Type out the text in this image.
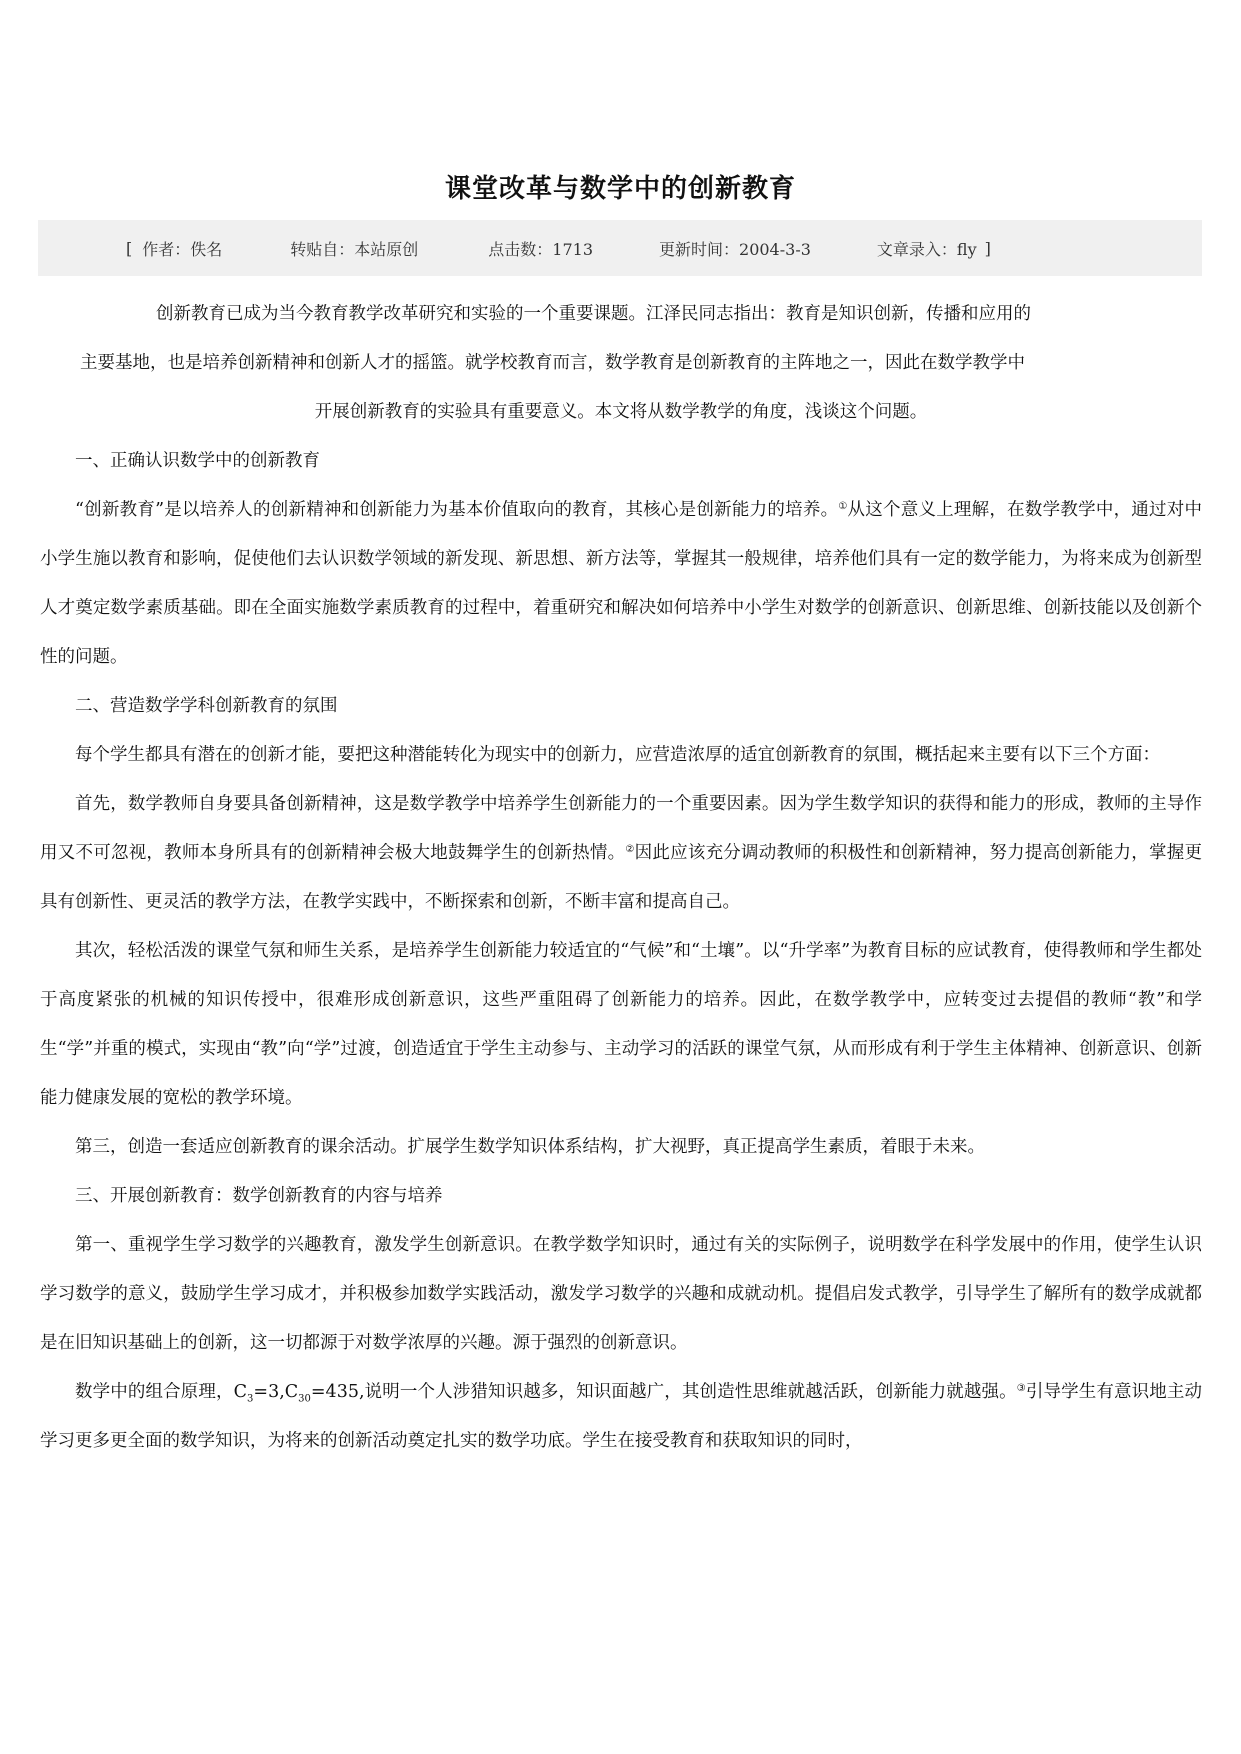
课堂改革与数学中的创新教育
[ 作者：佚名	转贴自：本站原创	点击数：1713	更新时间：2004-3-3	文章录入：fly ]

创新教育已成为当今教育教学改革研究和实验的一个重要课题。江泽民同志指出：教育是知识创新，传播和应用的

主要基地，也是培养创新精神和创新人才的摇篮。就学校教育而言，数学教育是创新教育的主阵地之一，因此在数学教学中

开展创新教育的实验具有重要意义。本文将从数学教学的角度，浅谈这个问题。

一、正确认识数学中的创新教育

“创新教育”是以培养人的创新精神和创新能力为基本价值取向的教育，其核心是创新能力的培养。①从这个意义上理解，在数学教学中，通过对中小学生施以教育和影响，促使他们去认识数学领域的新发现、新思想、新方法等，掌握其一般规律，培养他们具有一定的数学能力，为将来成为创新型人才奠定数学素质基础。即在全面实施数学素质教育的过程中，着重研究和解决如何培养中小学生对数学的创新意识、创新思维、创新技能以及创新个性的问题。

二、营造数学学科创新教育的氛围

每个学生都具有潜在的创新才能，要把这种潜能转化为现实中的创新力，应营造浓厚的适宜创新教育的氛围，概括起来主要有以下三个方面：

首先，数学教师自身要具备创新精神，这是数学教学中培养学生创新能力的一个重要因素。因为学生数学知识的获得和能力的形成，教师的主导作用又不可忽视，教师本身所具有的创新精神会极大地鼓舞学生的创新热情。②因此应该充分调动教师的积极性和创新精神，努力提高创新能力，掌握更具有创新性、更灵活的教学方法，在教学实践中，不断探索和创新，不断丰富和提高自己。

其次，轻松活泼的课堂气氛和师生关系，是培养学生创新能力较适宜的“气候”和“土壤”。以“升学率”为教育目标的应试教育，使得教师和学生都处于高度紧张的机械的知识传授中，很难形成创新意识，这些严重阻碍了创新能力的培养。因此，在数学教学中，应转变过去提倡的教师“教”和学生“学”并重的模式，实现由“教”向“学”过渡，创造适宜于学生主动参与、主动学习的活跃的课堂气氛，从而形成有利于学生主体精神、创新意识、创新能力健康发展的宽松的教学环境。

第三，创造一套适应创新教育的课余活动。扩展学生数学知识体系结构，扩大视野，真正提高学生素质，着眼于未来。

三、开展创新教育：数学创新教育的内容与培养

第一、重视学生学习数学的兴趣教育，激发学生创新意识。在教学数学知识时，通过有关的实际例子，说明数学在科学发展中的作用，使学生认识学习数学的意义，鼓励学生学习成才，并积极参加数学实践活动，激发学习数学的兴趣和成就动机。提倡启发式教学，引导学生了解所有的数学成就都是在旧知识基础上的创新，这一切都源于对数学浓厚的兴趣。源于强烈的创新意识。

数学中的组合原理，$C_3=3,C_{30}=435$,说明一个人涉猎知识越多，知识面越广，其创造性思维就越活跃，创新能力就越强。③引导学生有意识地主动学习更多更全面的数学知识，为将来的创新活动奠定扎实的数学功底。学生在接受教育和获取知识的同时，
